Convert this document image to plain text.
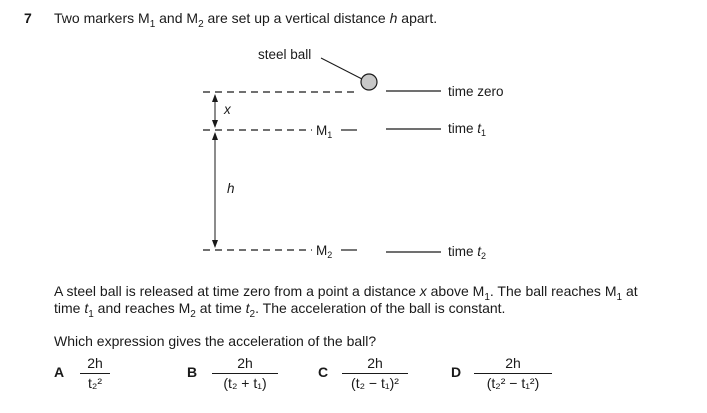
7 Two markers $M_1$ and $M_2$ are set up a vertical distance h apart.
steel ball
x
h
$M_1$
$M_2$
time zero
time $t_1$
time $t_2$
A steel ball is released at time zero from a point a distance x above $M_1$. The ball reaches $M_1$ at
time $t_1$ and reaches $M_2$ at time $t_2$. The acceleration of the ball is constant.
Which expression gives the acceleration of the ball?
A $\frac{2h}{\text{t₂²}}$	B $\frac{2h}{\text{(t₂ + t₁)}}$	C $\frac{2h}{\text{(t₂ − t₁)²}}$	D $\frac{2h}{\text{(t₂² − t₁²)}}$
